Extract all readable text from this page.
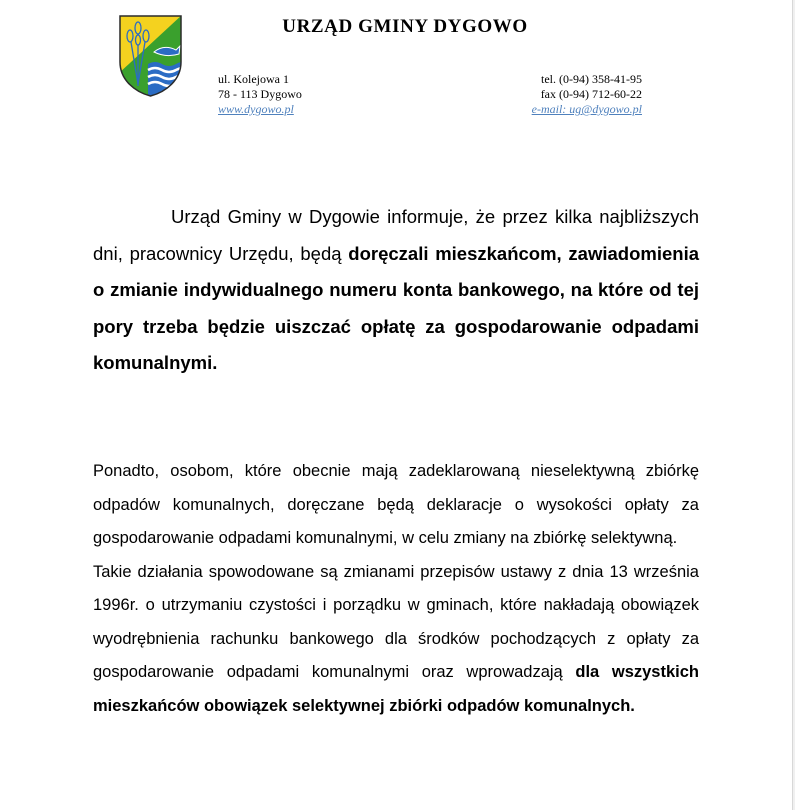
URZĄD GMINY DYGOWO
ul. Kolejowa 1
78 - 113 Dygowo
www.dygowo.pl
tel. (0-94) 358-41-95
fax (0-94) 712-60-22
e-mail: ug@dygowo.pl
Urząd Gminy w Dygowie informuje, że przez kilka najbliższych dni, pracownicy Urzędu, będą doręczali mieszkańcom, zawiadomienia o zmianie indywidualnego numeru konta bankowego, na które od tej pory trzeba będzie uiszczać opłatę za gospodarowanie odpadami komunalnymi.

Ponadto, osobom, które obecnie mają zadeklarowaną nieselektywną zbiórkę odpadów komunalnych, doręczane będą deklaracje o wysokości opłaty za gospodarowanie odpadami komunalnymi, w celu zmiany na zbiórkę selektywną.

Takie działania spowodowane są zmianami przepisów ustawy z dnia 13 września 1996r. o utrzymaniu czystości i porządku w gminach, które nakładają obowiązek wyodrębnienia rachunku bankowego dla środków pochodzących z opłaty za gospodarowanie odpadami komunalnymi oraz wprowadzają dla wszystkich mieszkańców obowiązek selektywnej zbiórki odpadów komunalnych.
